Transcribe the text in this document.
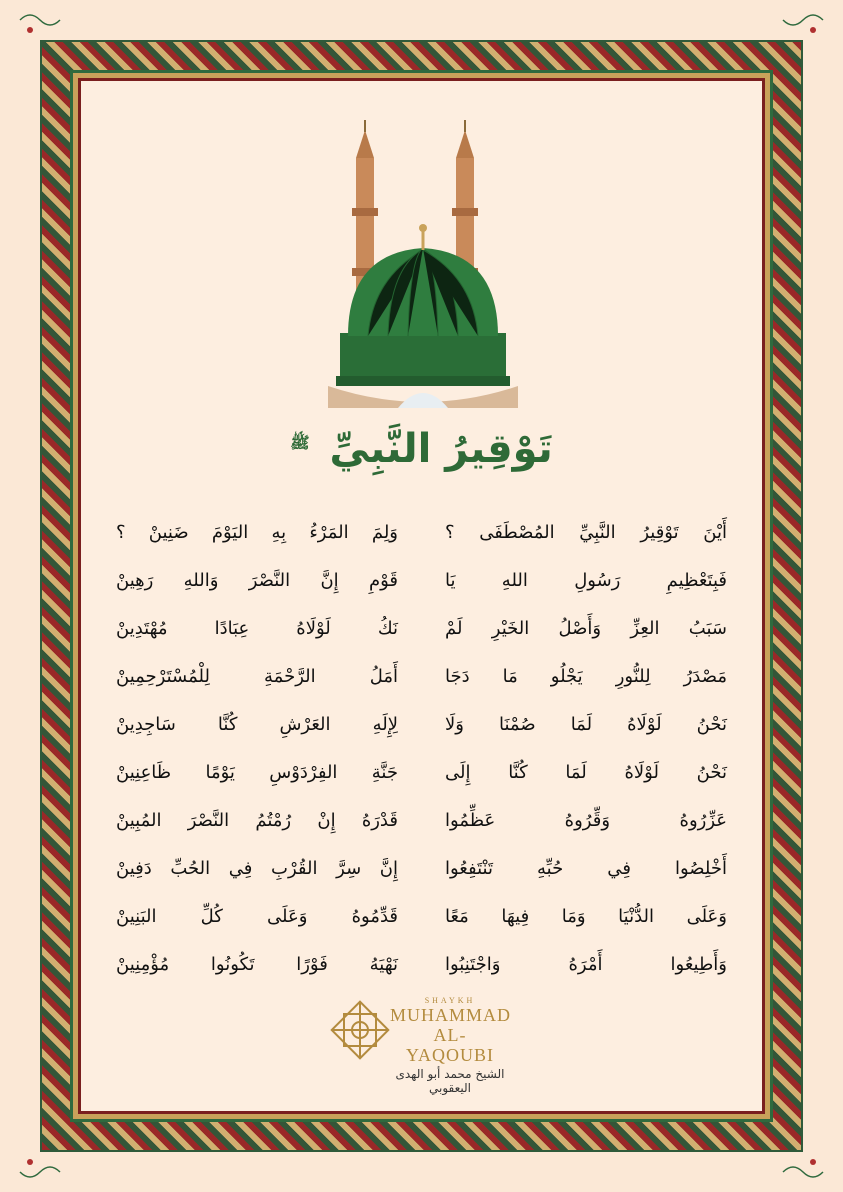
تَوْقِيرُ النَّبِيِّ $^ﷺ$
أَيْنَ تَوْقِيرُ النَّبِيِّ المُصْطَفَى ؟
وَلِمَ المَرْءُ بِهِ اليَوْمَ ضَنِينْ ؟
فَبِتَعْظِيمِ رَسُولِ اللهِ يَا
قَوْمِ إِنَّ النَّصْرَ وَاللهِ رَهِينْ
سَبَبُ العِزِّ وَأَصْلُ الخَيْرِ لَمْ
نَكُ لَوْلَاهُ عِبَادًا مُهْتَدِينْ
مَصْدَرُ لِلنُّورِ يَجْلُو مَا دَجَا
أَمَلُ الرَّحْمَةِ لِلْمُسْتَرْحِمِينْ
نَحْنُ لَوْلَاهُ لَمَا صُمْنَا وَلَا
لِإِلَهِ العَرْشِ كُنَّا سَاجِدِينْ
نَحْنُ لَوْلَاهُ لَمَا كُنَّا إِلَى
جَنَّةِ الفِرْدَوْسِ يَوْمًا ظَاعِنِينْ
عَزِّرُوهُ وَقِّرُوهُ عَظِّمُوا
قَدْرَهُ إِنْ رُمْتُمُ النَّصْرَ المُبِينْ
أَخْلِصُوا فِي حُبِّهِ تَنْتَفِعُوا
إِنَّ سِرَّ القُرْبِ فِي الحُبِّ دَفِينْ
وَعَلَى الدُّنْيَا وَمَا فِيهَا مَعًا
قَدِّمُوهُ وَعَلَى كُلِّ البَنِينْ
وَأَطِيعُوا أَمْرَهُ وَاجْتَنِبُوا
نَهْيَهُ فَوْرًا تَكُونُوا مُؤْمِنِينْ
SHAYKH
MUHAMMAD
AL-YAQOUBI
الشيخ محمد أبو الهدى اليعقوبي
